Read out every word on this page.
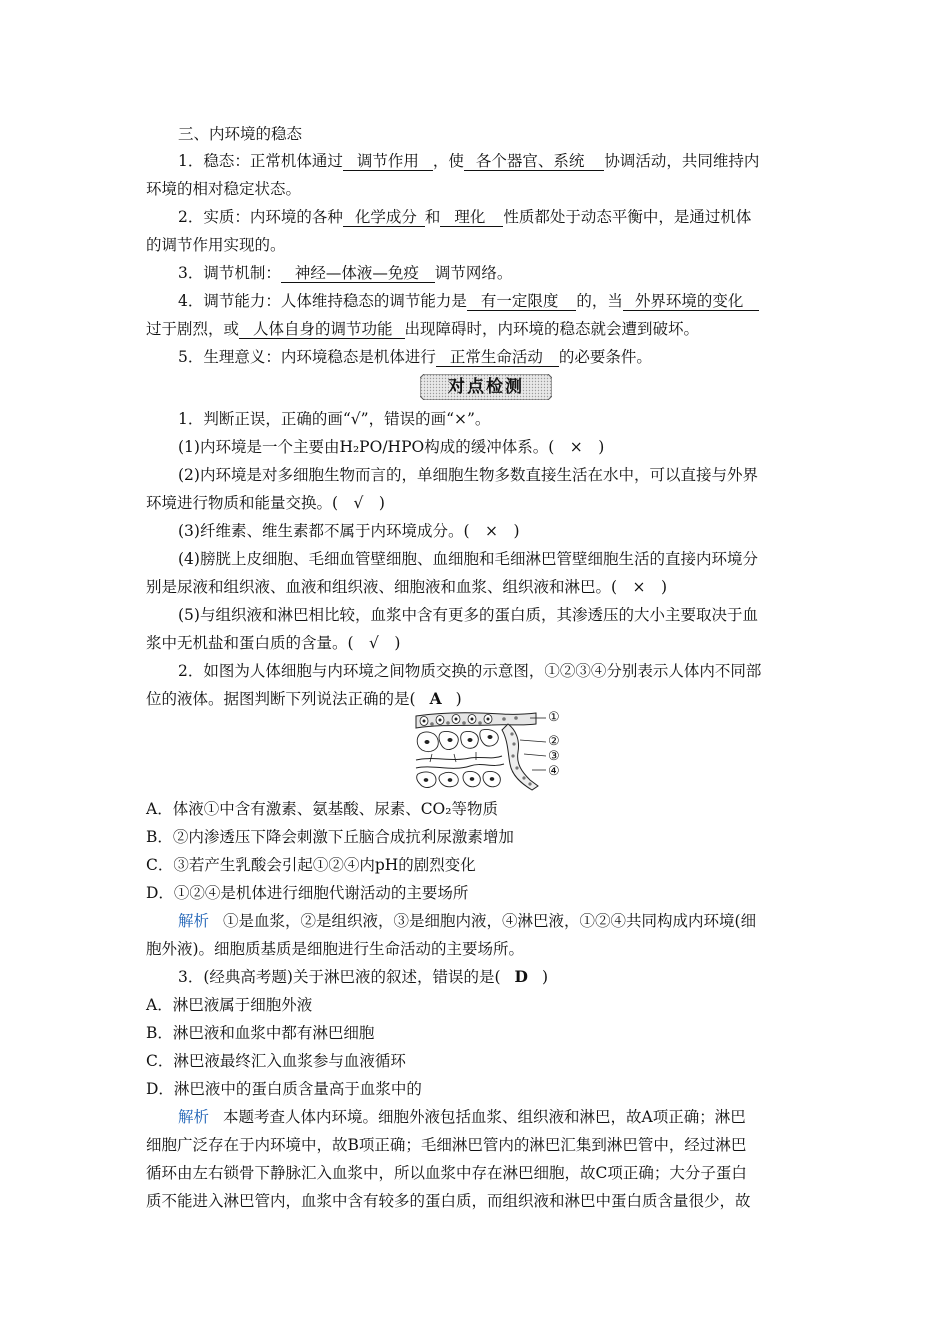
三、内环境的稳态
1．稳态：正常机体通过 调节作用 ，使 各个器官、系统 协调活动，共同维持内
环境的相对稳定状态。
2．实质：内环境的各种 化学成分 和 理化 性质都处于动态平衡中，是通过机体
的调节作用实现的。
3．调节机制： 神经—体液—免疫 调节网络。
4．调节能力：人体维持稳态的调节能力是 有一定限度 的，当 外界环境的变化
过于剧烈，或 人体自身的调节功能 出现障碍时，内环境的稳态就会遭到破坏。
5．生理意义：内环境稳态是机体进行 正常生命活动 的必要条件。
对点检测
1．判断正误，正确的画“√”，错误的画“×”。
(1)内环境是一个主要由H₂PO/HPO构成的缓冲体系。(　×　)
(2)内环境是对多细胞生物而言的，单细胞生物多数直接生活在水中，可以直接与外界
环境进行物质和能量交换。(　√　)
(3)纤维素、维生素都不属于内环境成分。(　×　)
(4)膀胱上皮细胞、毛细血管壁细胞、血细胞和毛细淋巴管壁细胞生活的直接内环境分
别是尿液和组织液、血液和组织液、细胞液和血浆、组织液和淋巴。(　×　)
(5)与组织液和淋巴相比较，血浆中含有更多的蛋白质，其渗透压的大小主要取决于血
浆中无机盐和蛋白质的含量。(　√　)
2．如图为人体细胞与内环境之间物质交换的示意图，①②③④分别表示人体内不同部
位的液体。据图判断下列说法正确的是( A )
①
②
③
④
A．体液①中含有激素、氨基酸、尿素、CO₂等物质
B．②内渗透压下降会刺激下丘脑合成抗利尿激素增加
C．③若产生乳酸会引起①②④内pH的剧烈变化
D．①②④是机体进行细胞代谢活动的主要场所
解析 ①是血浆，②是组织液，③是细胞内液，④淋巴液，①②④共同构成内环境(细
胞外液)。细胞质基质是细胞进行生命活动的主要场所。
3．(经典高考题)关于淋巴液的叙述，错误的是( D )
A．淋巴液属于细胞外液
B．淋巴液和血浆中都有淋巴细胞
C．淋巴液最终汇入血浆参与血液循环
D．淋巴液中的蛋白质含量高于血浆中的
解析 本题考查人体内环境。细胞外液包括血浆、组织液和淋巴，故A项正确；淋巴
细胞广泛存在于内环境中，故B项正确；毛细淋巴管内的淋巴汇集到淋巴管中，经过淋巴
循环由左右锁骨下静脉汇入血浆中，所以血浆中存在淋巴细胞，故C项正确；大分子蛋白
质不能进入淋巴管内，血浆中含有较多的蛋白质，而组织液和淋巴中蛋白质含量很少，故
